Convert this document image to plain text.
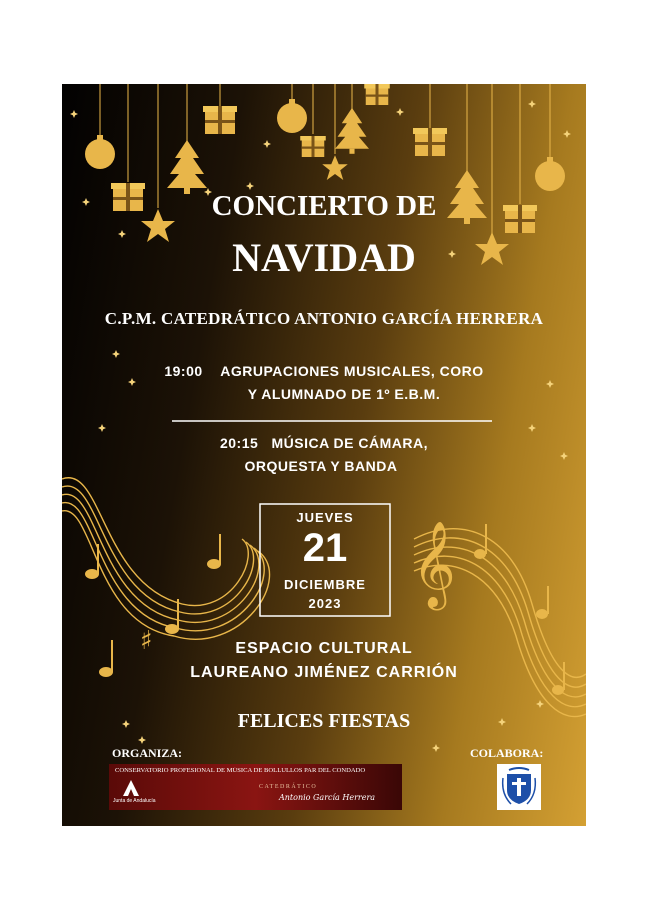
♯
𝄞
CONCIERTO DE
NAVIDAD
C.P.M. CATEDRÁTICO ANTONIO GARCÍA HERRERA
19:00 AGRUPACIONES MUSICALES, CORO
Y ALUMNADO DE 1º E.B.M.
20:15 MÚSICA DE CÁMARA,
ORQUESTA Y BANDA
JUEVES
21
DICIEMBRE
2023
ESPACIO CULTURAL
LAUREANO JIMÉNEZ CARRIÓN
FELICES FIESTAS
ORGANIZA:	COLABORA:
CONSERVATORIO PROFESIONAL DE MÚSICA DE BOLLULLOS PAR DEL CONDADO
Junta de Andalucía
CATEDRÁTICO
Antonio García Herrera
